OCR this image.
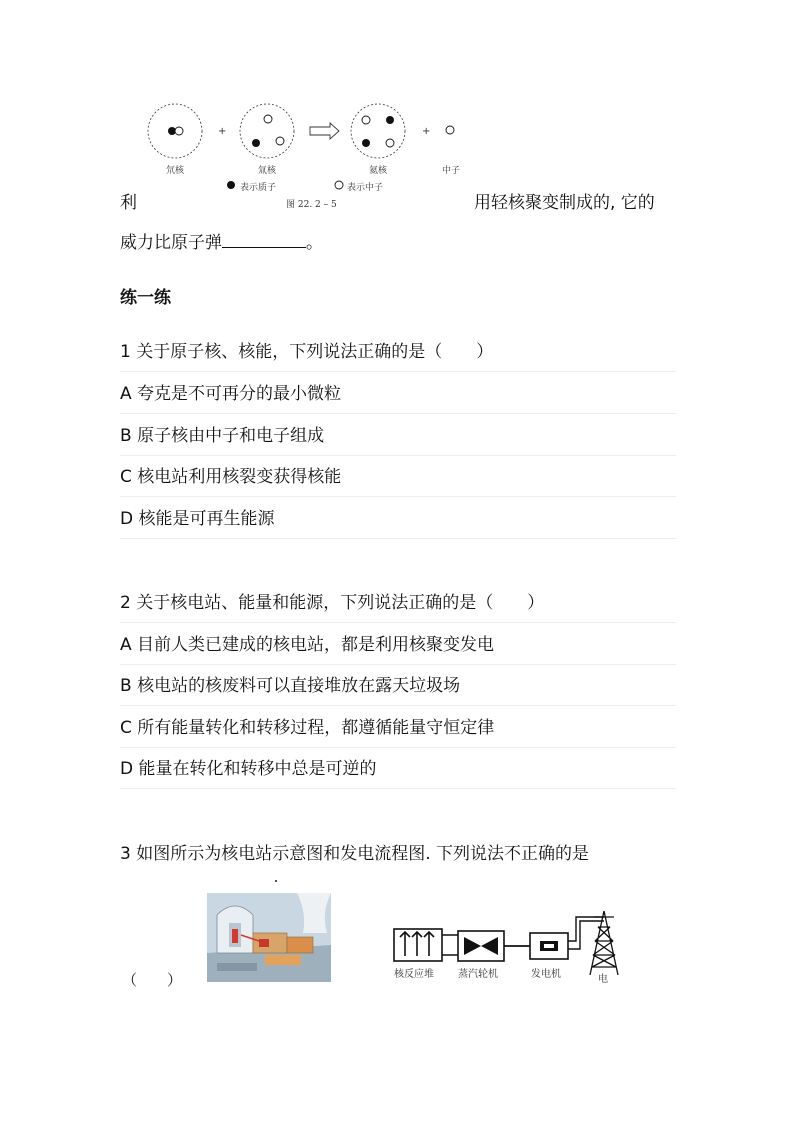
+	+
氘核	氚核	氦核	中子
表示质子	表示中子
图 22. 2 – 5
利	用轻核聚变制成的, 它的
威力比原子弹	。
练一练
1 关于原子核、核能，下列说法正确的是（　　）
A 夸克是不可再分的最小微粒
B 原子核由中子和电子组成
C 核电站利用核裂变获得核能
D 核能是可再生能源
2 关于核电站、能量和能源，下列说法正确的是（　　）
A 目前人类已建成的核电站，都是利用核聚变发电
B 核电站的核废料可以直接堆放在露天垃圾场
C 所有能量转化和转移过程，都遵循能量守恒定律
D 能量在转化和转移中总是可逆的
3 如图所示为核电站示意图和发电流程图. 下列说法不正确的是
（　　）	核反应堆 蒸汽轮机	发电机	电
